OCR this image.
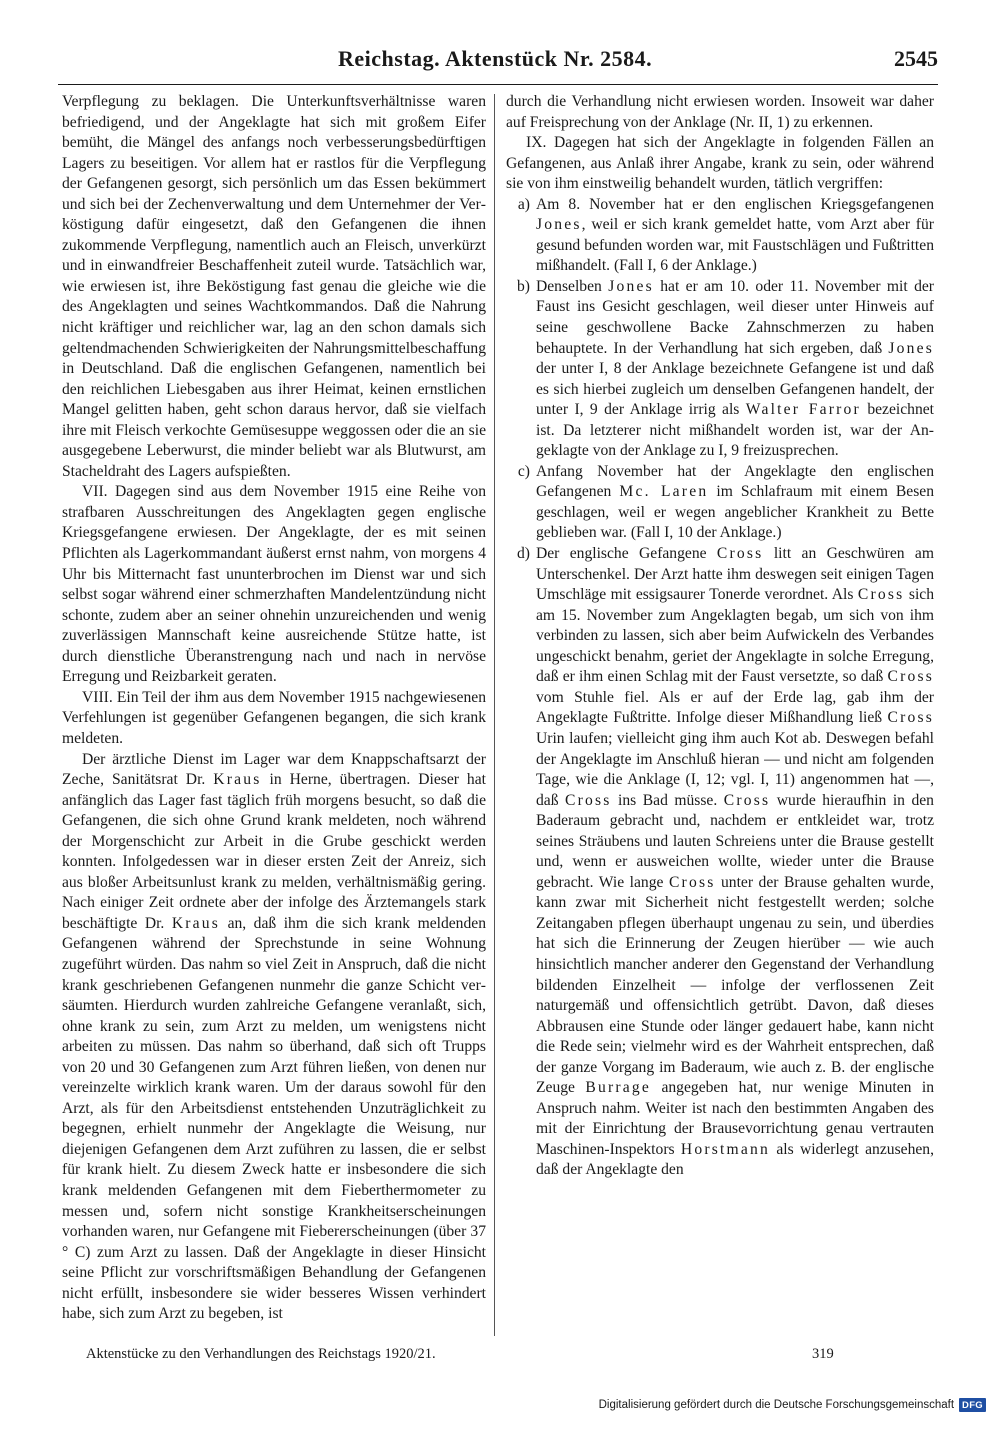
Reichstag. Aktenstück Nr. 2584.	2545

Verpflegung zu beklagen. Die Unterkunftsverhältnisse waren befriedigend, und der Angeklagte hat sich mit großem Eifer bemüht, die Mängel des anfangs noch verbesserungsbedürftigen Lagers zu beseitigen. Vor allem hat er rastlos für die Verpflegung der Gefangenen gesorgt, sich persönlich um das Essen bekümmert und sich bei der Zechenverwaltung und dem Unternehmer der Verköstigung dafür eingesetzt, daß den Gefangenen die ihnen zukommende Verpflegung, namentlich auch an Fleisch, unverkürzt und in einwandfreier Beschaffenheit zuteil wurde. Tatsächlich war, wie erwiesen ist, ihre Beköstigung fast genau die gleiche wie die des Angeklagten und seines Wachtkommandos. Daß die Nahrung nicht kräftiger und reichlicher war, lag an den schon damals sich geltendmachenden Schwierigkeiten der Nahrungsmittelbeschaffung in Deutschland. Daß die englischen Gefangenen, namentlich bei den reichlichen Liebesgaben aus ihrer Heimat, keinen ernstlichen Mangel gelitten haben, geht schon daraus hervor, daß sie vielfach ihre mit Fleisch verkochte Gemüsesuppe weggossen oder die an sie ausgegebene Leberwurst, die minder beliebt war als Blutwurst, am Stacheldraht des Lagers aufspießten.

VII. Dagegen sind aus dem November 1915 eine Reihe von strafbaren Ausschreitungen des Angeklagten gegen englische Kriegsgefangene erwiesen. Der Angeklagte, der es mit seinen Pflichten als Lagerkommandant äußerst ernst nahm, von morgens 4 Uhr bis Mitternacht fast ununterbrochen im Dienst war und sich selbst sogar während einer schmerzhaften Mandelentzündung nicht schonte, zudem aber an seiner ohnehin unzureichenden und wenig zuverlässigen Mannschaft keine ausreichende Stütze hatte, ist durch dienstliche Überanstrengung nach und nach in nervöse Erregung und Reizbarkeit geraten.

VIII. Ein Teil der ihm aus dem November 1915 nachgewiesenen Verfehlungen ist gegenüber Gefangenen begangen, die sich krank meldeten.

Der ärztliche Dienst im Lager war dem Knappschaftsarzt der Zeche, Sanitätsrat Dr. Kraus in Herne, übertragen. Dieser hat anfänglich das Lager fast täglich früh morgens besucht, so daß die Gefangenen, die sich ohne Grund krank meldeten, noch während der Morgenschicht zur Arbeit in die Grube geschickt werden konnten. Infolgedessen war in dieser ersten Zeit der Anreiz, sich aus bloßer Arbeitsunlust krank zu melden, verhältnismäßig gering. Nach einiger Zeit ordnete aber der infolge des Ärztemangels stark beschäftigte Dr. Kraus an, daß ihm die sich krank meldenden Gefangenen während der Sprechstunde in seine Wohnung zugeführt würden. Das nahm so viel Zeit in Anspruch, daß die nicht krank geschriebenen Gefangenen nunmehr die ganze Schicht versäumten. Hierdurch wurden zahlreiche Gefangene veranlaßt, sich, ohne krank zu sein, zum Arzt zu melden, um wenigstens nicht arbeiten zu müssen. Das nahm so überhand, daß sich oft Trupps von 20 und 30 Gefangenen zum Arzt führen ließen, von denen nur vereinzelte wirklich krank waren. Um der daraus sowohl für den Arzt, als für den Arbeitsdienst entstehenden Unzuträglichkeit zu begegnen, erhielt nunmehr der Angeklagte die Weisung, nur diejenigen Gefangenen dem Arzt zuführen zu lassen, die er selbst für krank hielt. Zu diesem Zweck hatte er insbesondere die sich krank meldenden Gefangenen mit dem Fieberthermometer zu messen und, sofern nicht sonstige Krankheitserscheinungen vorhanden waren, nur Gefangene mit Fiebererscheinungen (über 37 ° C) zum Arzt zu lassen. Daß der Angeklagte in dieser Hinsicht seine Pflicht zur vorschriftsmäßigen Behandlung der Gefangenen nicht erfüllt, insbesondere sie wider besseres Wissen verhindert habe, sich zum Arzt zu begeben, ist

durch die Verhandlung nicht erwiesen worden. Insoweit war daher auf Freisprechung von der Anklage (Nr. II, 1) zu erkennen.

IX. Dagegen hat sich der Angeklagte in folgenden Fällen an Gefangenen, aus Anlaß ihrer Angabe, krank zu sein, oder während sie von ihm einstweilig behandelt wurden, tätlich vergriffen:

a) Am 8. November hat er den englischen Kriegsgefangenen Jones, weil er sich krank gemeldet hatte, vom Arzt aber für gesund befunden worden war, mit Faustschlägen und Fußtritten mißhandelt. (Fall I, 6 der Anklage.)
b) Denselben Jones hat er am 10. oder 11. November mit der Faust ins Gesicht geschlagen, weil dieser unter Hinweis auf seine geschwollene Backe Zahnschmerzen zu haben behauptete. In der Verhandlung hat sich ergeben, daß Jones der unter I, 8 der Anklage bezeichnete Gefangene ist und daß es sich hierbei zugleich um denselben Gefangenen handelt, der unter I, 9 der Anklage irrig als Walter Farror bezeichnet ist. Da letzterer nicht mißhandelt worden ist, war der Angeklagte von der Anklage zu I, 9 freizusprechen.
c) Anfang November hat der Angeklagte den englischen Gefangenen Mc. Laren im Schlafraum mit einem Besen geschlagen, weil er wegen angeblicher Krankheit zu Bette geblieben war. (Fall I, 10 der Anklage.)
d) Der englische Gefangene Cross litt an Geschwüren am Unterschenkel. Der Arzt hatte ihm deswegen seit einigen Tagen Umschläge mit essigsaurer Tonerde verordnet. Als Cross sich am 15. November zum Angeklagten begab, um sich von ihm verbinden zu lassen, sich aber beim Aufwickeln des Verbandes ungeschickt benahm, geriet der Angeklagte in solche Erregung, daß er ihm einen Schlag mit der Faust versetzte, so daß Cross vom Stuhle fiel. Als er auf der Erde lag, gab ihm der Angeklagte Fußtritte. Infolge dieser Mißhandlung ließ Cross Urin laufen; vielleicht ging ihm auch Kot ab. Deswegen befahl der Angeklagte im Anschluß hieran — und nicht am folgenden Tage, wie die Anklage (I, 12; vgl. I, 11) angenommen hat —, daß Cross ins Bad müsse. Cross wurde hieraufhin in den Baderaum gebracht und, nachdem er entkleidet war, trotz seines Sträubens und lauten Schreiens unter die Brause gestellt und, wenn er auswеichen wollte, wieder unter die Brause gebracht. Wie lange Cross unter der Brause gehalten wurde, kann zwar mit Sicherheit nicht festgestellt werden; solche Zeitangaben pflegen überhaupt ungenau zu sein, und überdies hat sich die Erinnerung der Zeugen hierüber — wie auch hinsichtlich mancher anderer den Gegenstand der Verhandlung bildenden Einzelheit — infolge der verflossenen Zeit naturgemäß und offensichtlich getrübt. Davon, daß dieses Abbrausen eine Stunde oder länger gedauert habe, kann nicht die Rede sein; vielmehr wird es der Wahrheit entsprechen, daß der ganze Vorgang im Baderaum, wie auch z. B. der englische Zeuge Burrage angegeben hat, nur wenige Minuten in Anspruch nahm. Weiter ist nach den bestimmten Angaben des mit der Einrichtung der Brausevorrichtung genau vertrauten Maschinen-Inspektors Horstmann als widerlegt anzusehen, daß der Angeklagte den
Aktenstücke zu den Verhandlungen des Reichstags 1920/21.	319
Digitalisierung gefördert durch die Deutsche Forschungsgemeinschaft DFG
